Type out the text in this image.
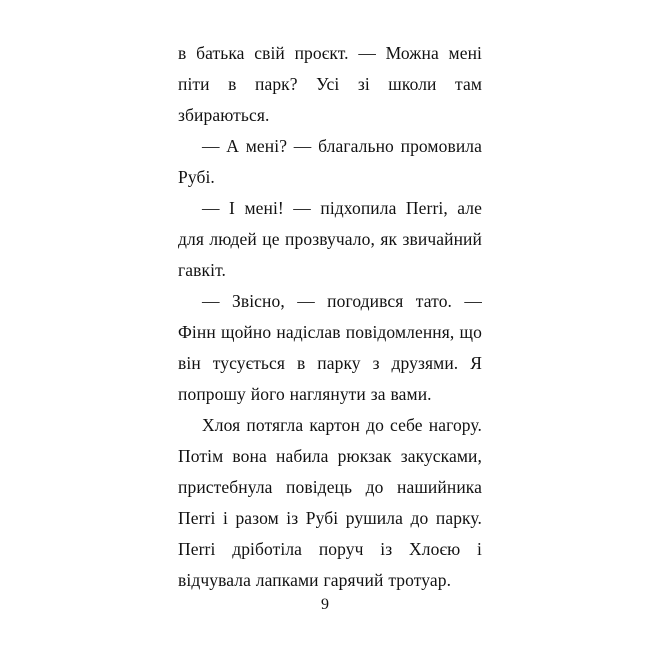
в батька свій проєкт. — Можна мені піти в парк? Усі зі школи там збираються.

— А мені? — благально промовила Рубі.

— І мені! — підхопила Пеrrі, але для людей це прозвучало, як звичайний гавкіт.

— Звісно, — погодився тато. — Фінн щойно надіслав повідомлення, що він тусується в парку з друзями. Я попрошу його наглянути за вами.

Хлоя потягла картон до себе нагору. Потім вона набила рюкзак закусками, пристебнула повідець до нашийника Пеrrі і разом із Рубі рушила до парку. Пеrrі дріботіла поруч із Хлоєю і відчувала лапками гарячий тротуар.

9
